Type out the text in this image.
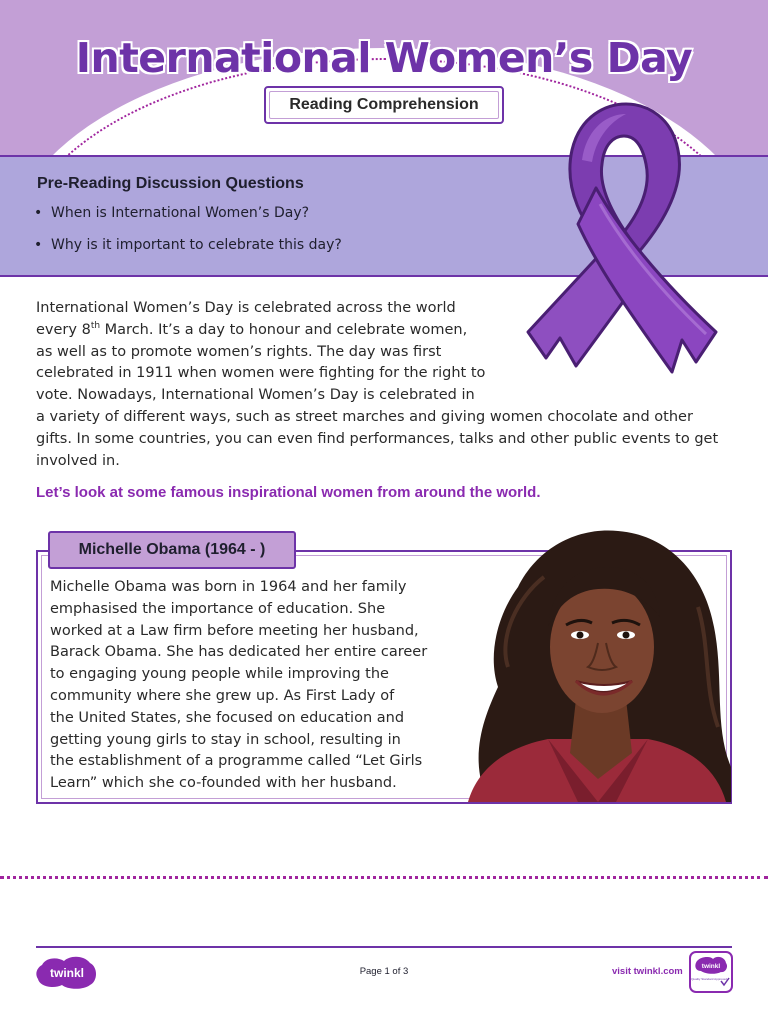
International Women’s Day
Reading Comprehension
Pre-Reading Discussion Questions
• When is International Women’s Day?
• Why is it important to celebrate this day?
International Women’s Day is celebrated across the world
every 8th March. It’s a day to honour and celebrate women,
as well as to promote women’s rights. The day was first
celebrated in 1911 when women were fighting for the right to
vote. Nowadays, International Women’s Day is celebrated in
a variety of different ways, such as street marches and giving women chocolate and other
gifts. In some countries, you can even find performances, talks and other public events to get
involved in.
Let’s look at some famous inspirational women from around the world.
Michelle Obama (1964 - )
Michelle Obama was born in 1964 and her family
emphasised the importance of education. She
worked at a Law firm before meeting her husband,
Barack Obama. She has dedicated her entire career
to engaging young people while improving the
community where she grew up. As First Lady of
the United States, she focused on education and
getting young girls to stay in school, resulting in
the establishment of a programme called “Let Girls
Learn” which she co-founded with her husband.
twinkl	Page 1 of 3	visit twinkl.com	twinkl
Quality Standard Approved
